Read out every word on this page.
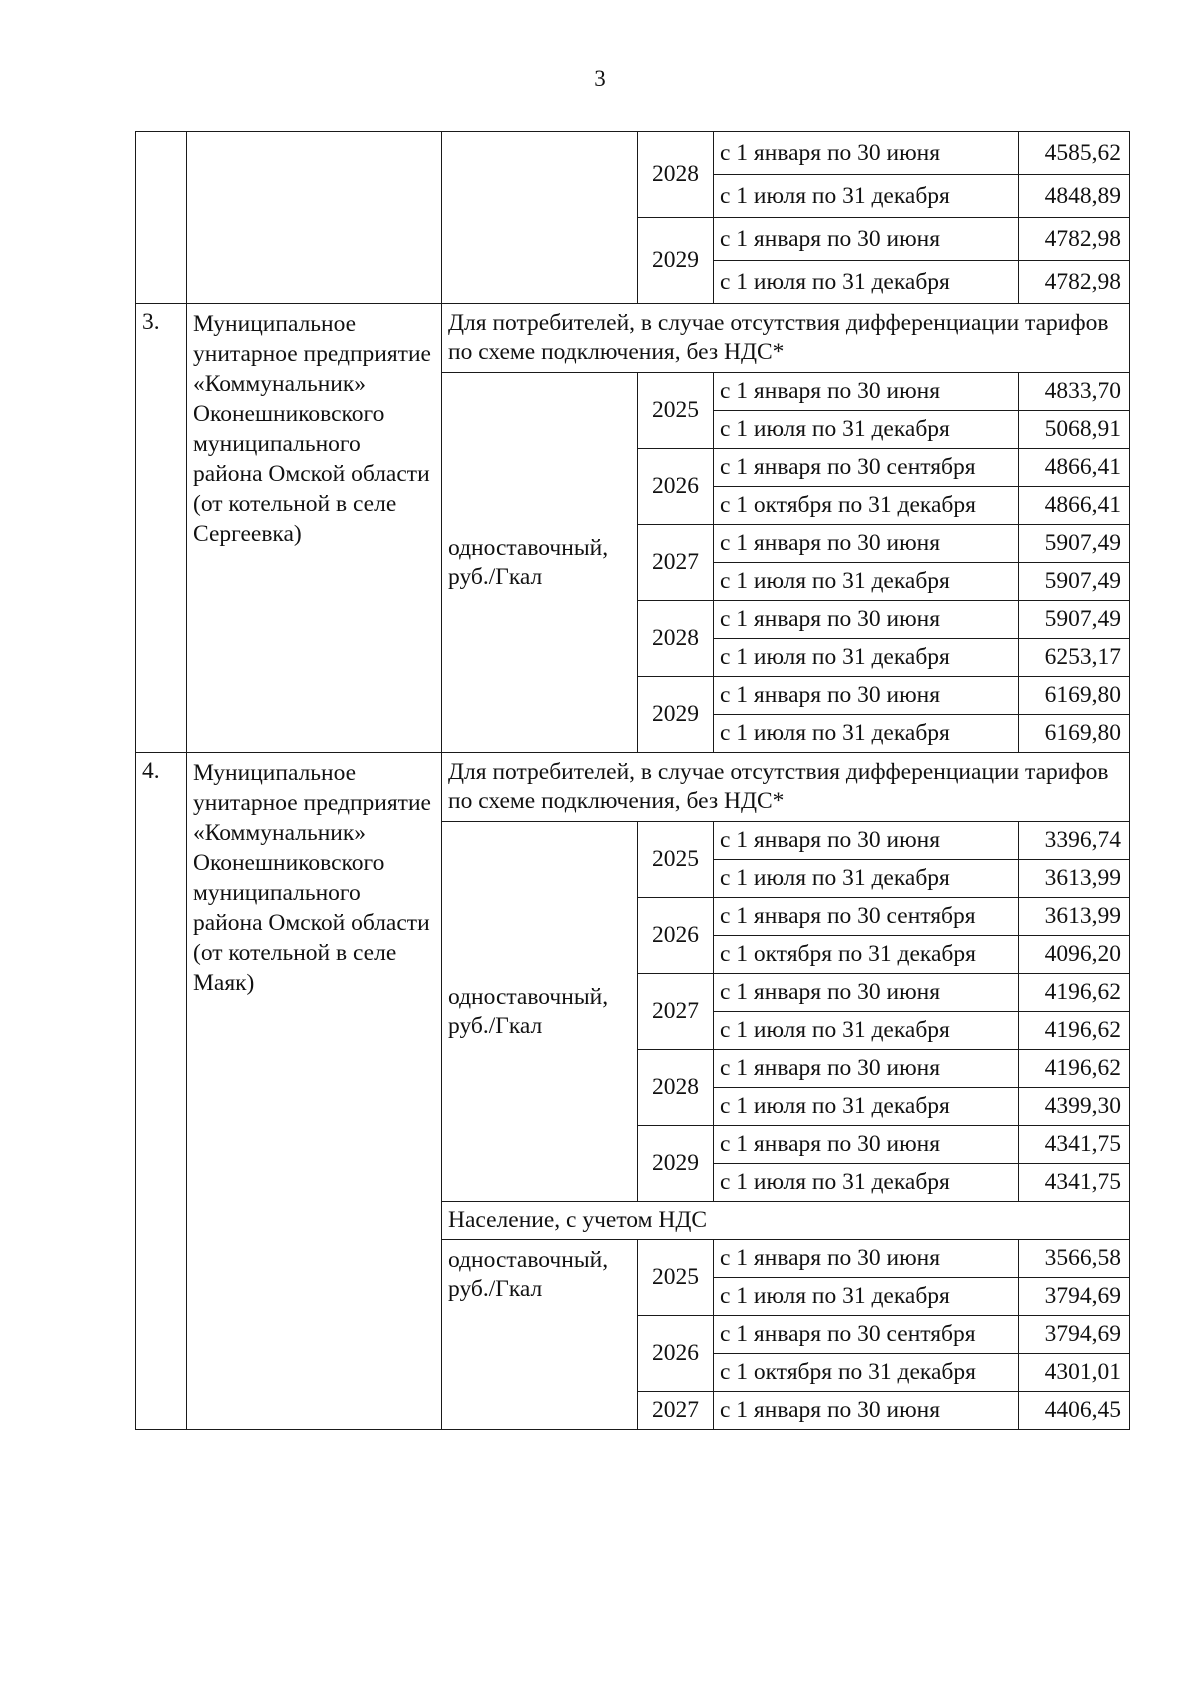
3
			2028	с 1 января по 30 июня	4585,62
				с 1 июля по 31 декабря	4848,89
			2029	с 1 января по 30 июня	4782,98
				с 1 июля по 31 декабря	4782,98
3.	Муниципальное унитарное предприятие «Коммунальник» Оконешниковского муниципального района Омской области (от котельной в селе Сергеевка)	Для потребителей, в случае отсутствия дифференциации тарифов по схеме подключения, без НДС*			
		одноставочный, руб./Гкал	2025	с 1 января по 30 июня	4833,70
				с 1 июля по 31 декабря	5068,91
			2026	с 1 января по 30 сентября	4866,41
				с 1 октября по 31 декабря	4866,41
			2027	с 1 января по 30 июня	5907,49
				с 1 июля по 31 декабря	5907,49
			2028	с 1 января по 30 июня	5907,49
				с 1 июля по 31 декабря	6253,17
			2029	с 1 января по 30 июня	6169,80
				с 1 июля по 31 декабря	6169,80
4.	Муниципальное унитарное предприятие «Коммунальник» Оконешниковского муниципального района Омской области (от котельной в селе Маяк)	Для потребителей, в случае отсутствия дифференциации тарифов по схеме подключения, без НДС*			
		одноставочный, руб./Гкал	2025	с 1 января по 30 июня	3396,74
				с 1 июля по 31 декабря	3613,99
			2026	с 1 января по 30 сентября	3613,99
				с 1 октября по 31 декабря	4096,20
			2027	с 1 января по 30 июня	4196,62
				с 1 июля по 31 декабря	4196,62
			2028	с 1 января по 30 июня	4196,62
				с 1 июля по 31 декабря	4399,30
			2029	с 1 января по 30 июня	4341,75
				с 1 июля по 31 декабря	4341,75
		Население, с учетом НДС			
		одноставочный, руб./Гкал	2025	с 1 января по 30 июня	3566,58
				с 1 июля по 31 декабря	3794,69
			2026	с 1 января по 30 сентября	3794,69
				с 1 октября по 31 декабря	4301,01
			2027	с 1 января по 30 июня	4406,45
